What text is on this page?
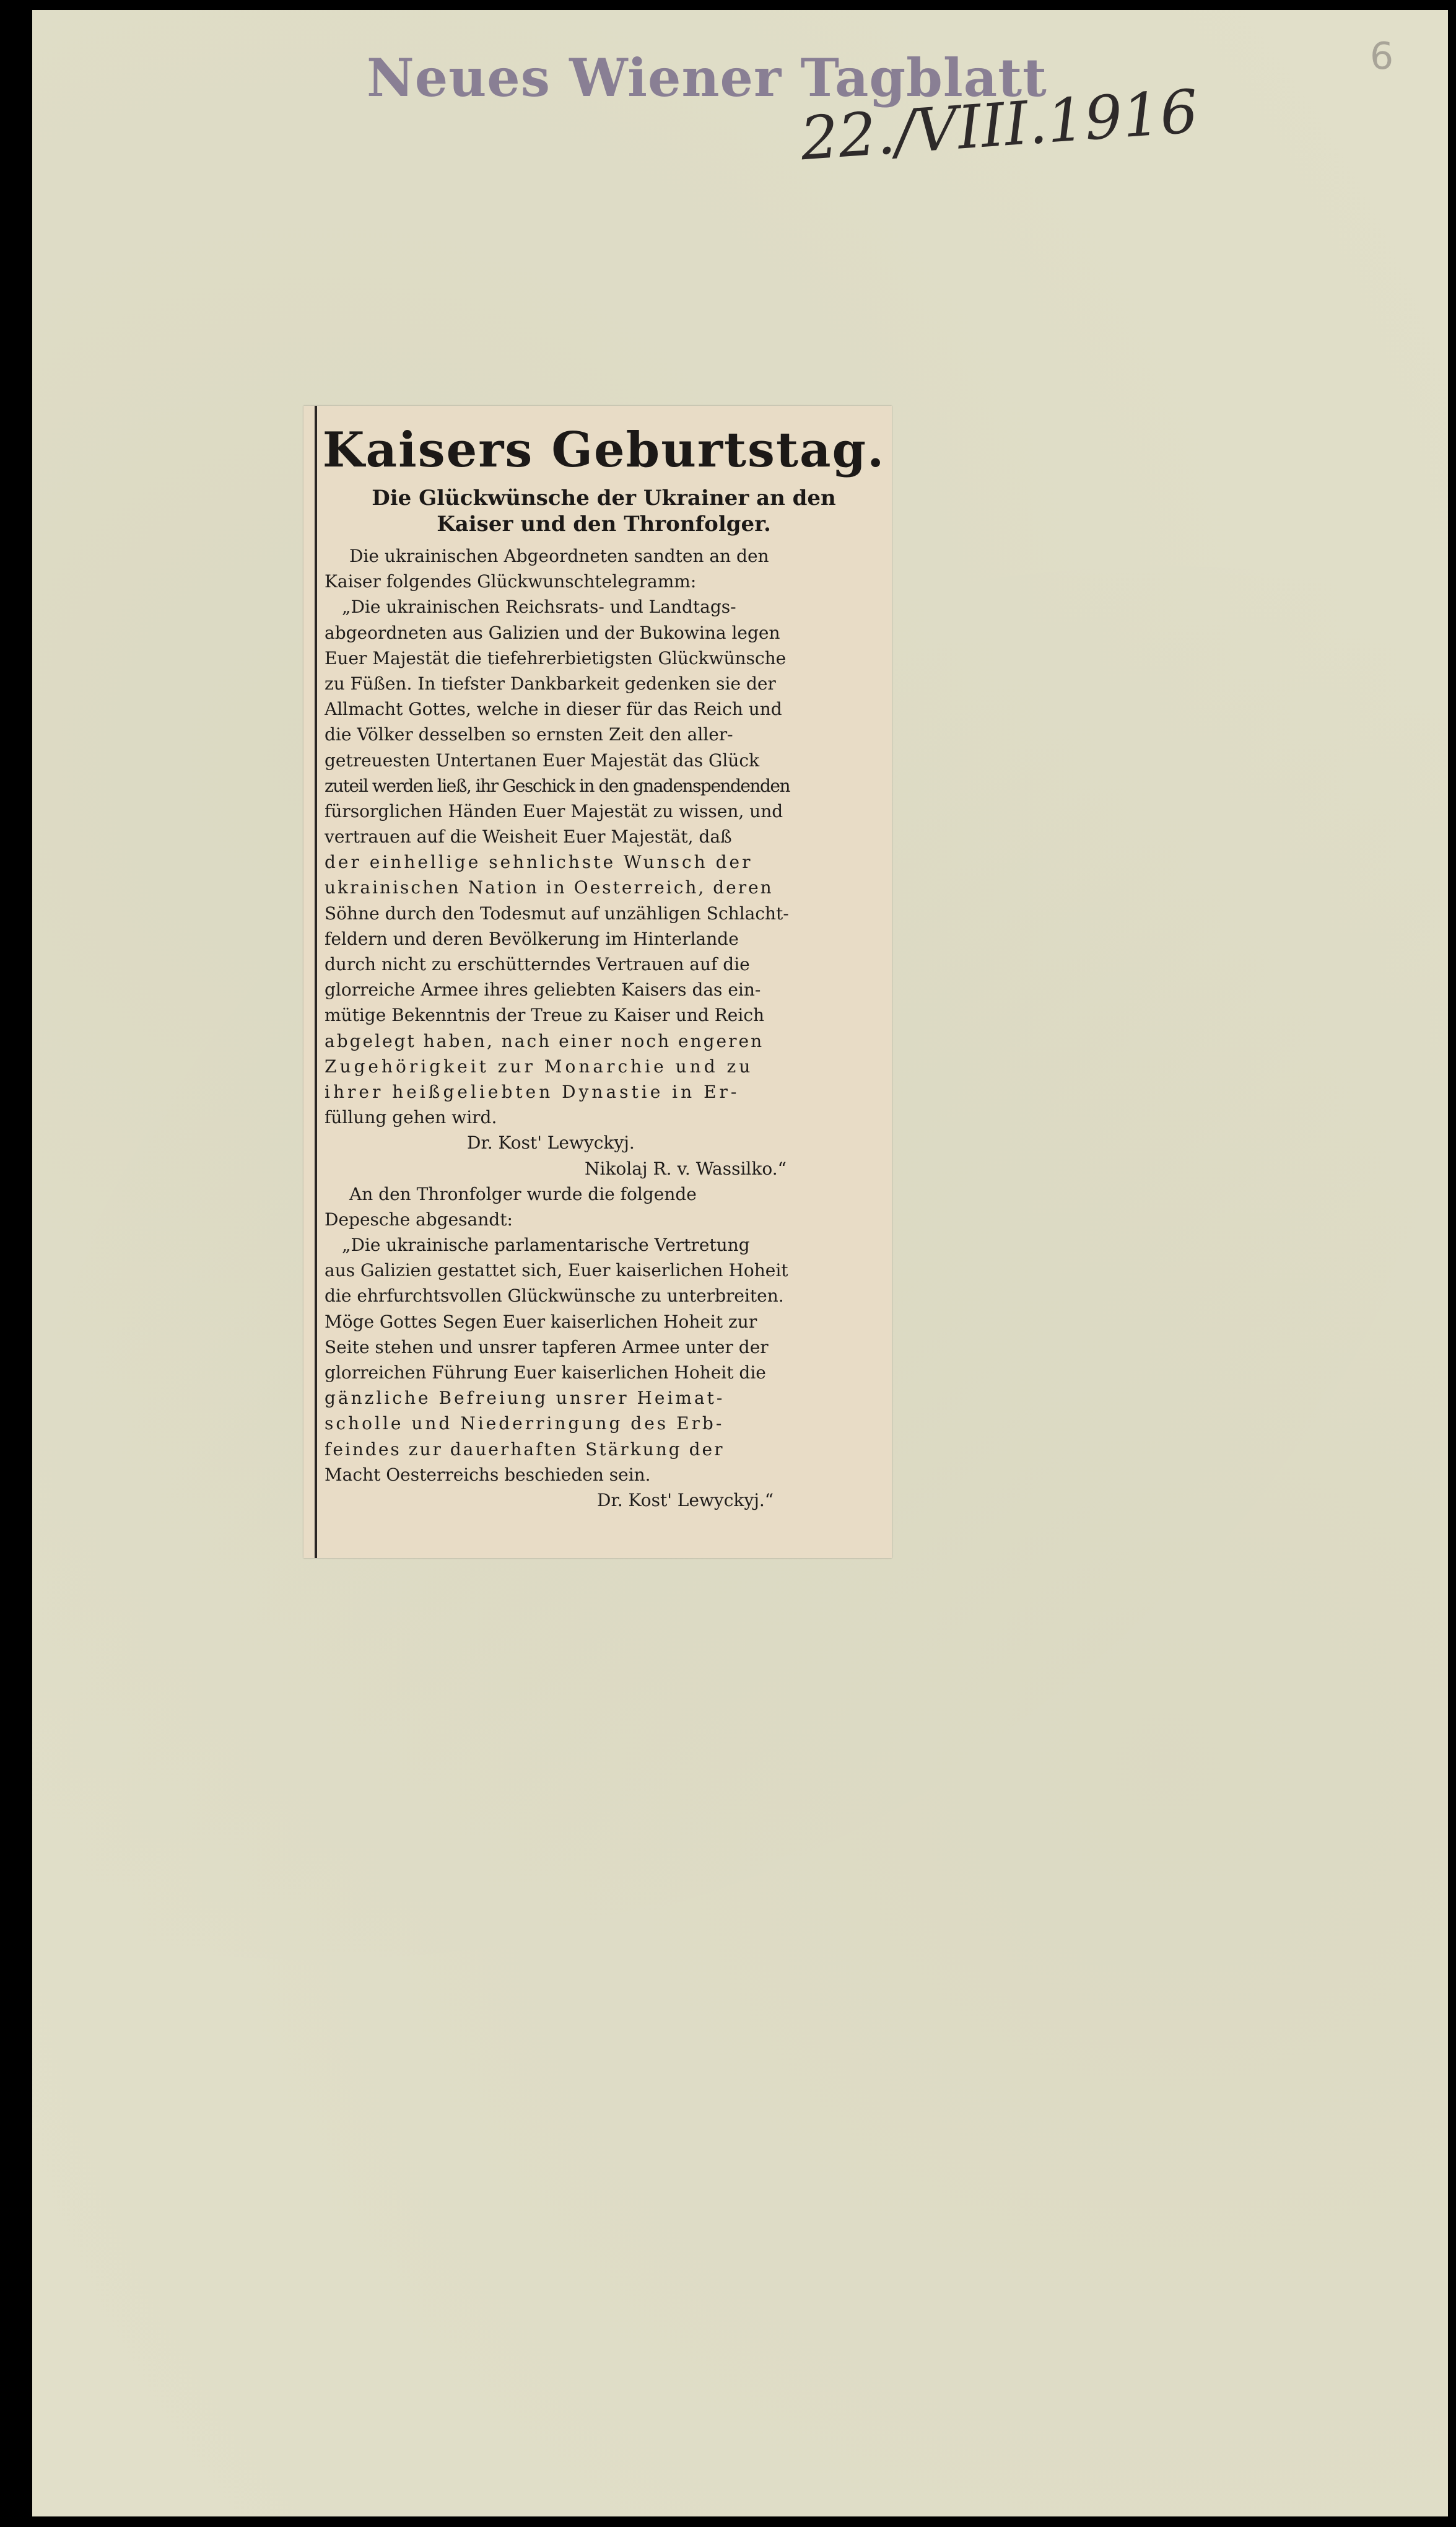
Neues Wiener Tagblatt
22./VIII.1916
6
Kaisers Geburtstag.
Die Glückwünsche der Ukrainer an den
Kaiser und den Thronfolger.
Die ukrainischen Abgeordneten sandten an den
Kaiser folgendes Glückwunschtelegramm:
„Die ukrainischen Reichsrats- und Landtags-
abgeordneten aus Galizien und der Bukowina legen
Euer Majestät die tiefehrerbietigsten Glückwünsche
zu Füßen. In tiefster Dankbarkeit gedenken sie der
Allmacht Gottes, welche in dieser für das Reich und
die Völker desselben so ernsten Zeit den aller-
getreuesten Untertanen Euer Majestät das Glück
zuteil werden ließ, ihr Geschick in den gnadenspendenden
fürsorglichen Händen Euer Majestät zu wissen, und
vertrauen auf die Weisheit Euer Majestät, daß
der einhellige sehnlichste Wunsch der
ukrainischen Nation in Oesterreich, deren
Söhne durch den Todesmut auf unzähligen Schlacht-
feldern und deren Bevölkerung im Hinterlande
durch nicht zu erschütterndes Vertrauen auf die
glorreiche Armee ihres geliebten Kaisers das ein-
mütige Bekenntnis der Treue zu Kaiser und Reich
abgelegt haben, nach einer noch engeren
Zugehörigkeit zur Monarchie und zu
ihrer heißgeliebten Dynastie in Er-
füllung gehen wird.
Dr. Kost' Lewyckyj.
Nikolaj R. v. Wassilko.“
An den Thronfolger wurde die folgende
Depesche abgesandt:
„Die ukrainische parlamentarische Vertretung
aus Galizien gestattet sich, Euer kaiserlichen Hoheit
die ehrfurchtsvollen Glückwünsche zu unterbreiten.
Möge Gottes Segen Euer kaiserlichen Hoheit zur
Seite stehen und unsrer tapferen Armee unter der
glorreichen Führung Euer kaiserlichen Hoheit die
gänzliche Befreiung unsrer Heimat-
scholle und Niederringung des Erb-
feindes zur dauerhaften Stärkung der
Macht Oesterreichs beschieden sein.
Dr. Kost' Lewyckyj.“
